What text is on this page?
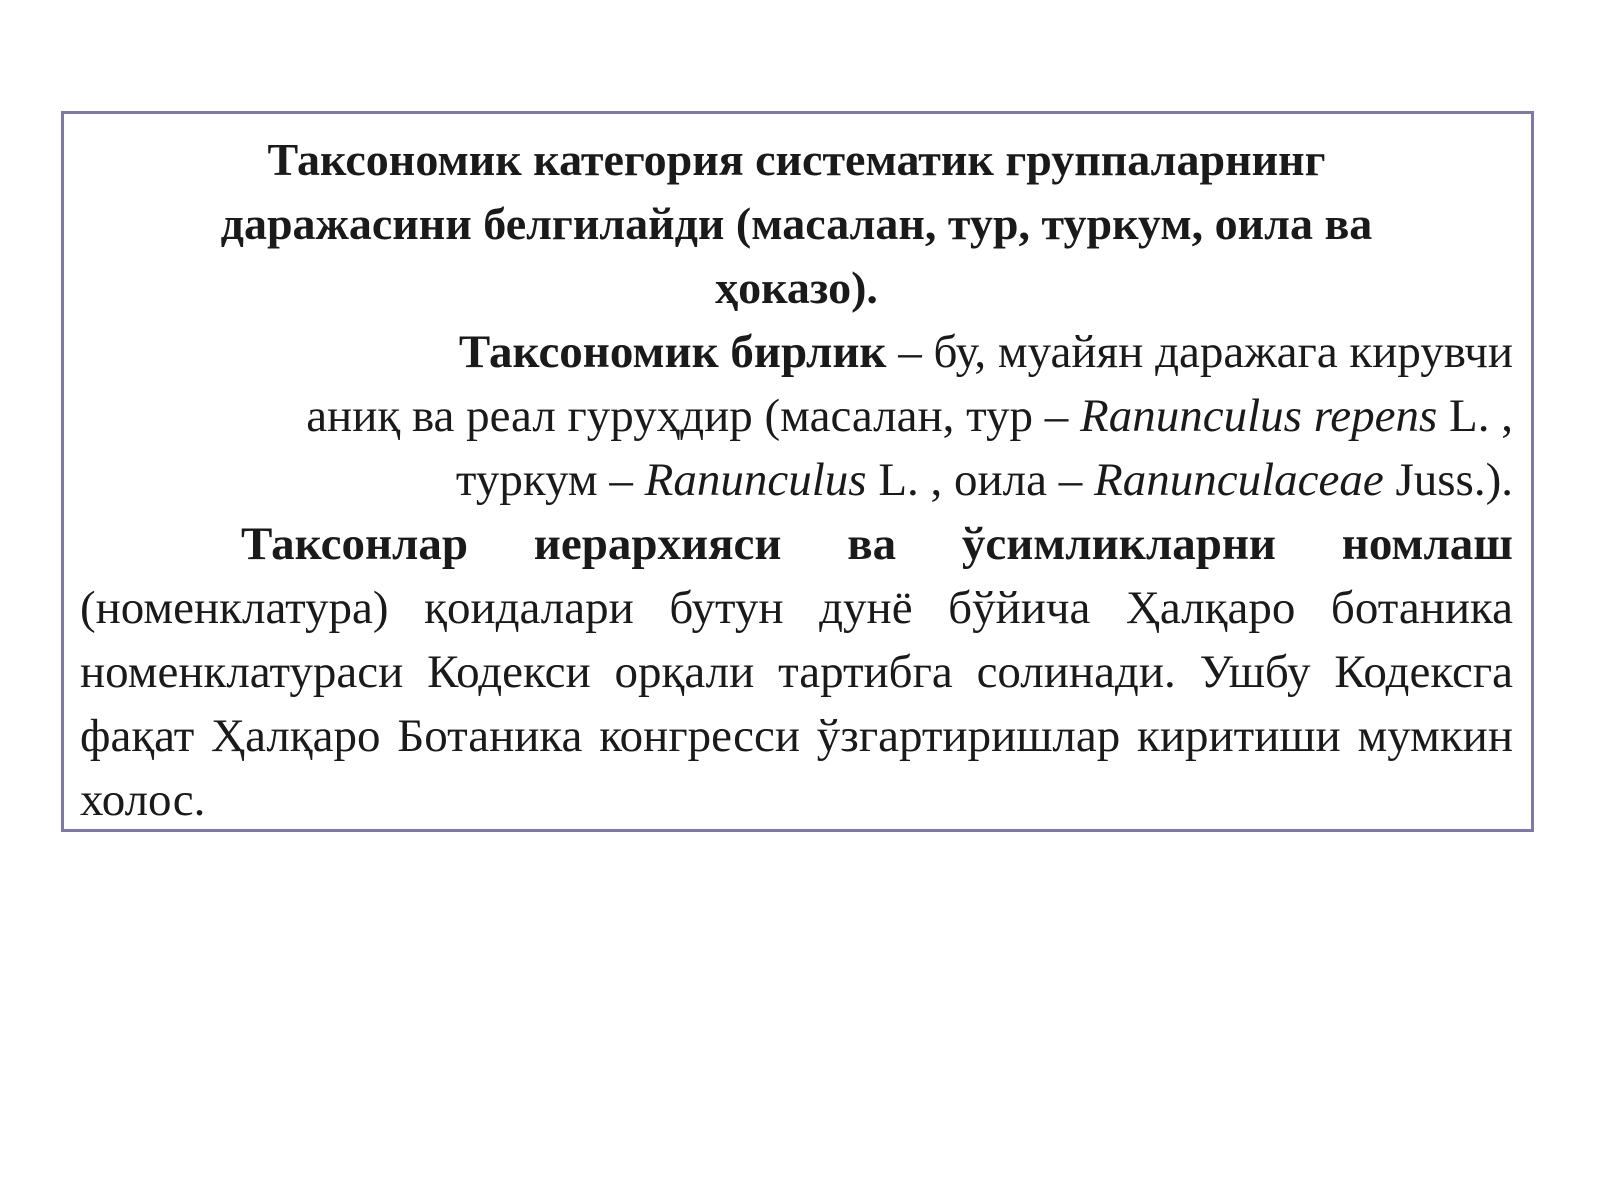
Таксономик категория систематик группаларнинг
даражасини белгилайди (масалан, тур, туркум, оила ва
ҳоказо).

Таксономик бирлик – бу, муайян даражага кирувчи
аниқ ва реал гуруҳдир (масалан, тур – Ranunculus repens L. ,
туркум – Ranunculus L. , оила – Ranunculaceae Juss.).

Таксонлар иерархияси ва ўсимликларни номлаш (номенклатура) қоидалари бутун дунё бўйича Ҳалқаро ботаника номенклатураси Кодекси орқали тартибга солинади. Ушбу Кодексга фақат Ҳалқаро Ботаника конгресси ўзгартиришлар киритиши мумкин холос.
